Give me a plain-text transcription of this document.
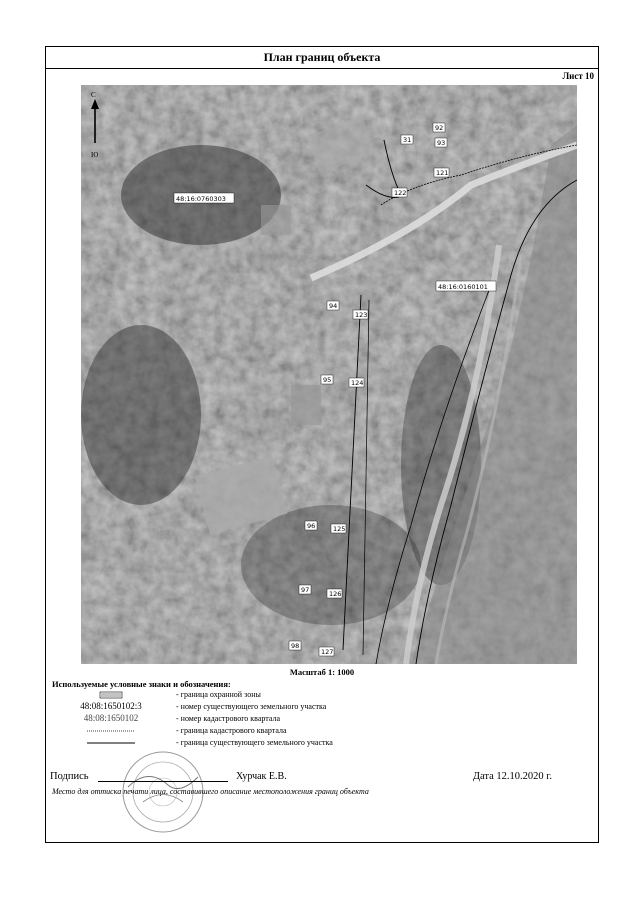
План границ объекта
Лист 10
48:16:0760303
48:16:0160101
31
92
93
121
122
123
94
95	124
96	125
97	126
98
127
С
Ю
Масштаб 1: 1000
Используемые условные знаки и обозначения:
- граница охранной зоны
48:08:1650102:3	- номер существующего земельного участка
48:08:1650102	- номер кадастрового квартала
- граница кадастрового квартала
- граница существующего земельного участка
Подпись	Хурчак Е.В.	Дата 12.10.2020 г.
Место для оттиска печати лица, составившего описание местоположения границ объекта
